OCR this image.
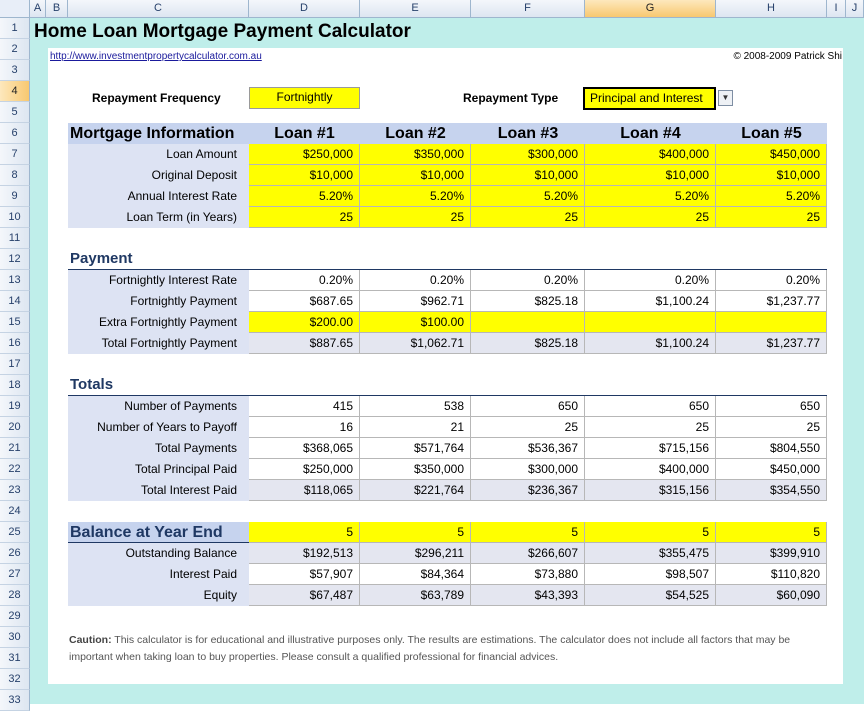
A	B	C	D	E	F	G	H	I	J
1
2
3
4
5
6
7
8
9
10
11
12
13
14
15
16
17
18
19
20
21
22
23
24
25
26
27
28
29
30
31
32
33
Home Loan Mortgage Payment Calculator
http://www.investmentpropertycalculator.com.au	© 2008-2009 Patrick Shi
Repayment Frequency	Fortnightly	Repayment Type	Principal and Interest	▼
Mortgage Information	Loan #1	Loan #2	Loan #3	Loan #4	Loan #5
Loan Amount	$250,000	$350,000	$300,000	$400,000	$450,000
Original Deposit	$10,000	$10,000	$10,000	$10,000	$10,000
Annual Interest Rate	5.20%	5.20%	5.20%	5.20%	5.20%
Loan Term (in Years)	25	25	25	25	25
Payment
Fortnightly Interest Rate	0.20%	0.20%	0.20%	0.20%	0.20%
Fortnightly Payment	$687.65	$962.71	$825.18	$1,100.24	$1,237.77
Extra Fortnightly Payment	$200.00	$100.00
Total Fortnightly Payment	$887.65	$1,062.71	$825.18	$1,100.24	$1,237.77
Totals
Number of Payments	415	538	650	650	650
Number of Years to Payoff	16	21	25	25	25
Total Payments	$368,065	$571,764	$536,367	$715,156	$804,550
Total Principal Paid	$250,000	$350,000	$300,000	$400,000	$450,000
Total Interest Paid	$118,065	$221,764	$236,367	$315,156	$354,550
Balance at Year End	5	5	5	5	5
Outstanding Balance	$192,513	$296,211	$266,607	$355,475	$399,910
Interest Paid	$57,907	$84,364	$73,880	$98,507	$110,820
Equity	$67,487	$63,789	$43,393	$54,525	$60,090
Caution: This calculator is for educational and illustrative purposes only. The results are estimations. The calculator does not include all factors that may be important when taking loan to buy properties. Please consult a qualified professional for financial advices.
